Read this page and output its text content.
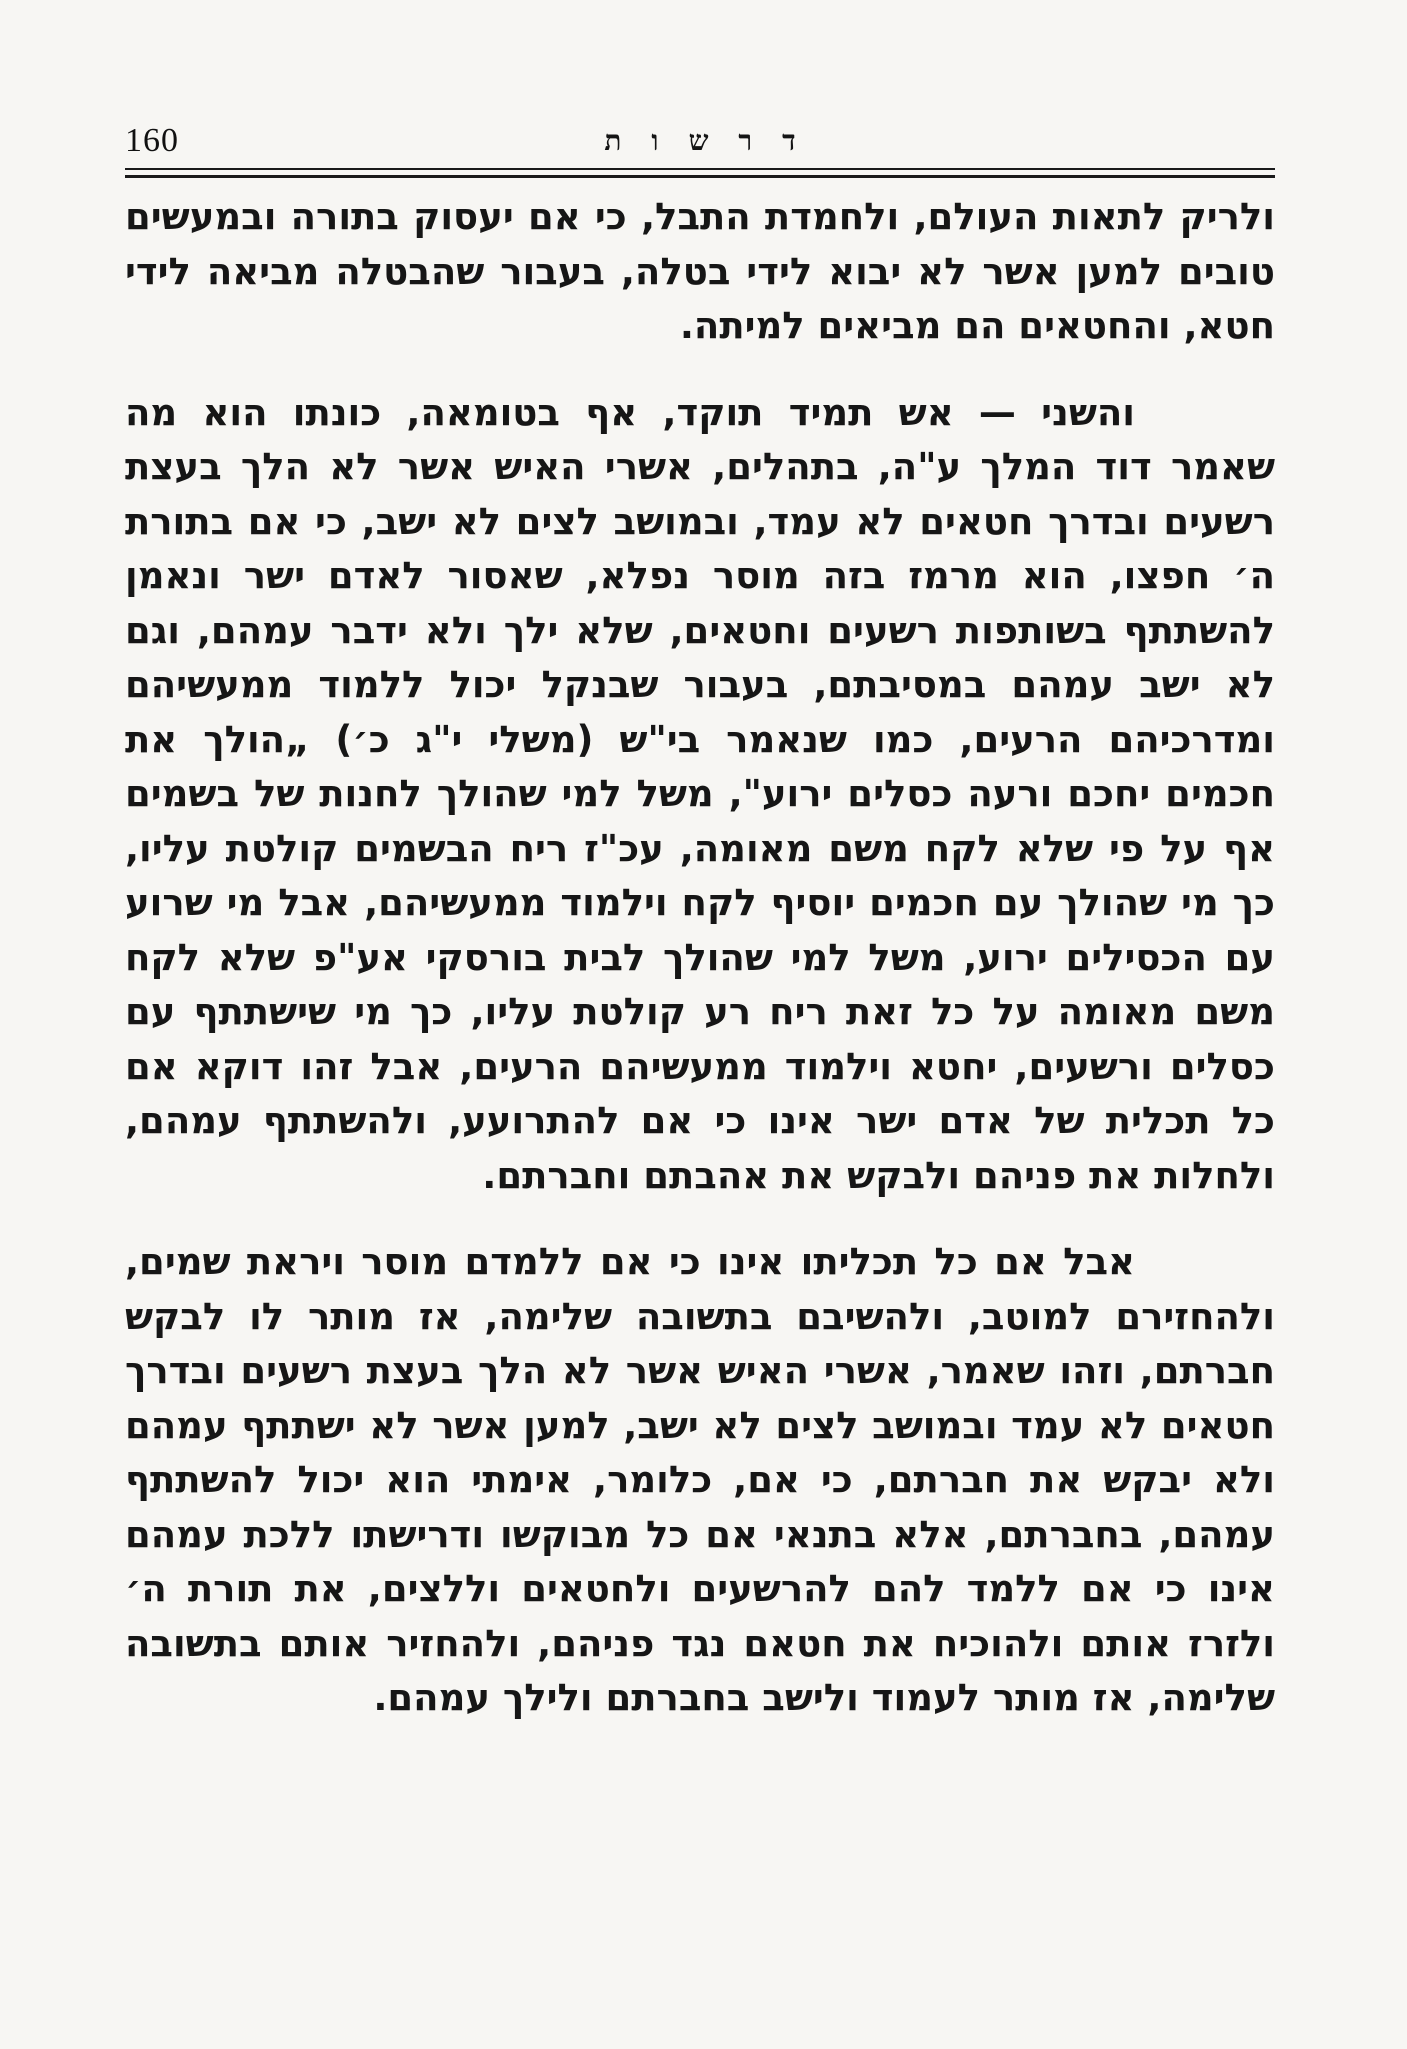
160	דרשות

ולריק לתאות העולם, ולחמדת התבל, כי אם יעסוק בתורה ובמעשים טובים למען אשר לא יבוא לידי בטלה, בעבור שהבטלה מביאה לידי חטא, והחטאים הם מביאים למיתה.

והשני — אש תמיד תוקד, אף בטומאה, כונתו הוא מה שאמר דוד המלך ע"ה, בתהלים, אשרי האיש אשר לא הלך בעצת רשעים ובדרך חטאים לא עמד, ובמושב לצים לא ישב, כי אם בתורת ה׳ חפצו, הוא מרמז בזה מוסר נפלא, שאסור לאדם ישר ונאמן להשתתף בשותפות רשעים וחטאים, שלא ילך ולא ידבר עמהם, וגם לא ישב עמהם במסיבתם, בעבור שבנקל יכול ללמוד ממעשיהם ומדרכיהם הרעים, כמו שנאמר בי"ש (משלי י"ג כ׳) „הולך את חכמים יחכם ורעה כסלים ירוע", משל למי שהולך לחנות של בשמים אף על פי שלא לקח משם מאומה, עכ"ז ריח הבשמים קולטת עליו, כך מי שהולך עם חכמים יוסיף לקח וילמוד ממעשיהם, אבל מי שרוע עם הכסילים ירוע, משל למי שהולך לבית בורסקי אע"פ שלא לקח משם מאומה על כל זאת ריח רע קולטת עליו, כך מי שישתתף עם כסלים ורשעים, יחטא וילמוד ממעשיהם הרעים, אבל זהו דוקא אם כל תכלית של אדם ישר אינו כי אם להתרועע, ולהשתתף עמהם, ולחלות את פניהם ולבקש את אהבתם וחברתם.

אבל אם כל תכליתו אינו כי אם ללמדם מוסר ויראת שמים, ולהחזירם למוטב, ולהשיבם בתשובה שלימה, אז מותר לו לבקש חברתם, וזהו שאמר, אשרי האיש אשר לא הלך בעצת רשעים ובדרך חטאים לא עמד ובמושב לצים לא ישב, למען אשר לא ישתתף עמהם ולא יבקש את חברתם, כי אם, כלומר, אימתי הוא יכול להשתתף עמהם, בחברתם, אלא בתנאי אם כל מבוקשו ודרישתו ללכת עמהם אינו כי אם ללמד להם להרשעים ולחטאים וללצים, את תורת ה׳ ולזרז אותם ולהוכיח את חטאם נגד פניהם, ולהחזיר אותם בתשובה שלימה, אז מותר לעמוד ולישב בחברתם ולילך עמהם.
